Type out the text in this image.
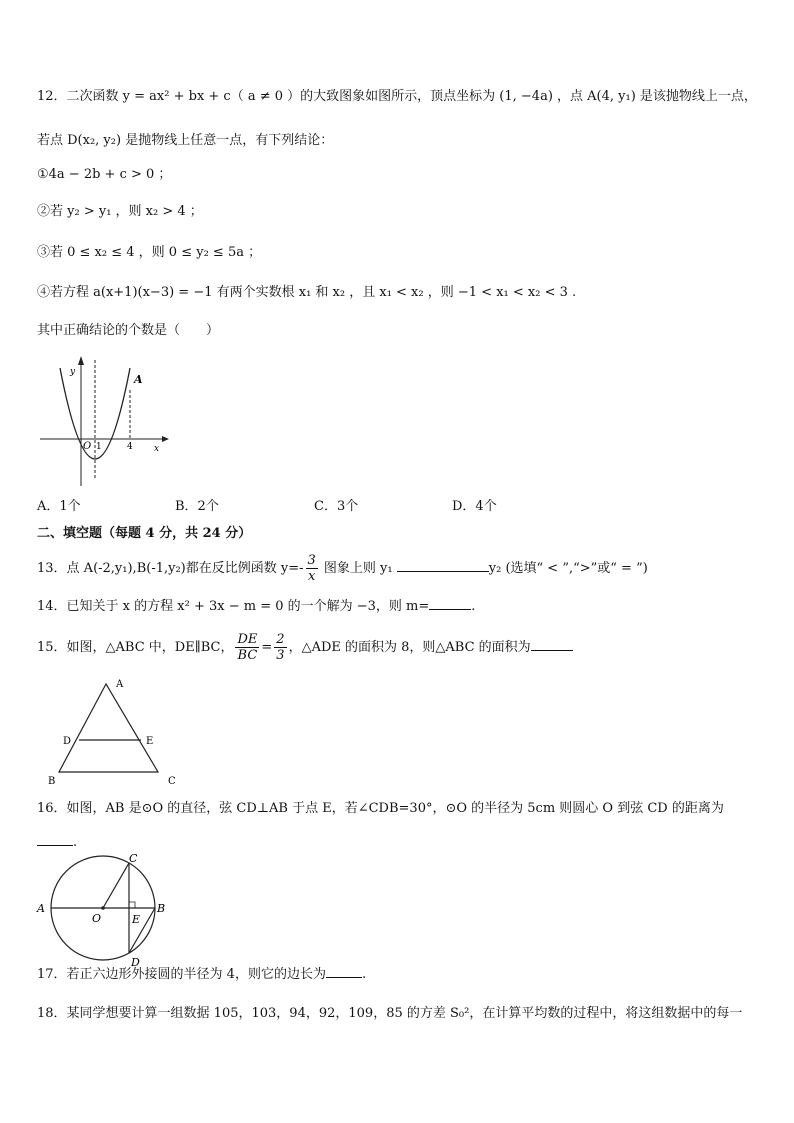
12．二次函数 y = ax² + bx + c（ a ≠ 0 ）的大致图象如图所示，顶点坐标为 (1, −4a) ，点 A(4, y₁) 是该抛物线上一点，
若点 D(x₂, y₂) 是抛物线上任意一点，有下列结论：
①4a − 2b + c > 0 ；
②若 y₂ > y₁ ，则 x₂ > 4 ；
③若 0 ≤ x₂ ≤ 4 ，则 0 ≤ y₂ ≤ 5a ；
④若方程 a(x+1)(x−3) = −1 有两个实数根 x₁ 和 x₂ ，且 x₁ < x₂ ，则 −1 < x₁ < x₂ < 3 .
其中正确结论的个数是（　　）
y
x
O 1	4
A
A．1个	B．2个	C．3个	D．4个
二、填空题（每题 4 分，共 24 分）
13．点 A(-2,y₁),B(-1,y₂)都在反比例函数 $y=- \frac{3}{x}$ 图象上则 y₁	y₂ (选填“ < ”,“>”或“ = ”)
14．已知关于 x 的方程 x² + 3x − m = 0 的一个解为 −3，则 m=	.
15．如图，△ABC 中，DE∥BC， $\frac{DE}{BC} = \frac{2}{3}$ ，△ADE 的面积为 8，则△ABC 的面积为
A
B	C
D	E
16．如图，AB 是⊙O 的直径，弦 CD⊥AB 于点 E，若∠CDB=30°，⊙O 的半径为 5cm 则圆心 O 到弦 CD 的距离为
.
A	B
C
D
E
O
17．若正六边形外接圆的半径为 4，则它的边长为	.
18．某同学想要计算一组数据 105，103，94，92，109，85 的方差 S₀²，在计算平均数的过程中，将这组数据中的每一
